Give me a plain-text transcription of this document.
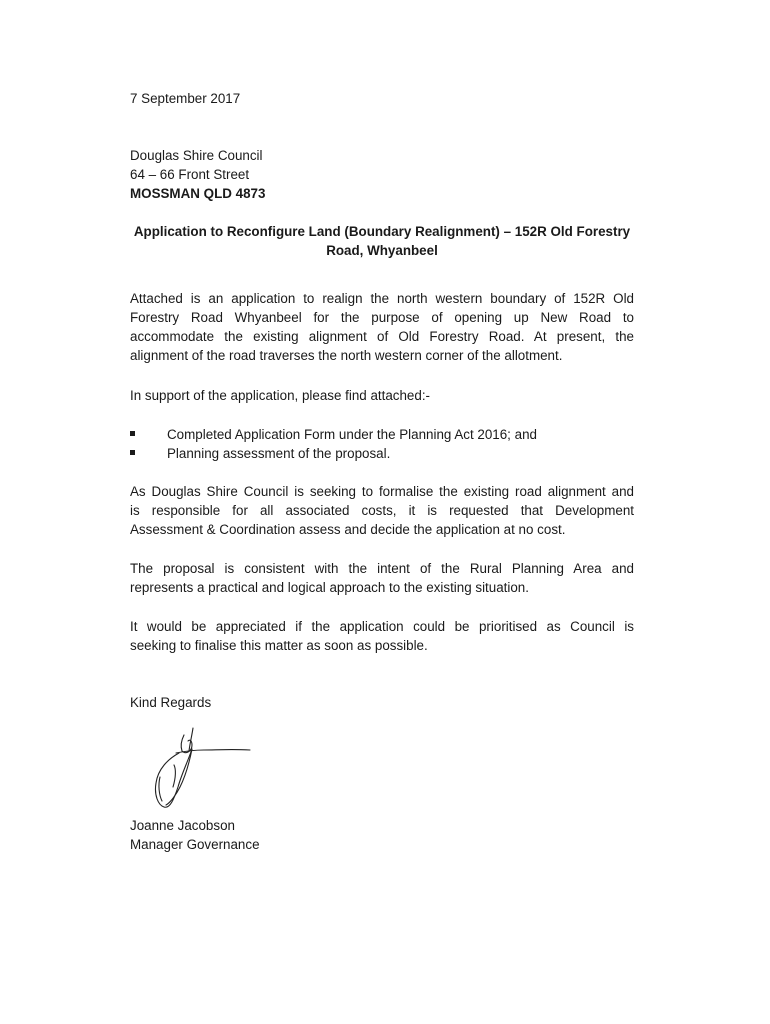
7 September 2017
Douglas Shire Council
64 – 66 Front Street
MOSSMAN QLD 4873
Application to Reconfigure Land (Boundary Realignment) – 152R Old Forestry
Road, Whyanbeel
Attached is an application to realign the north western boundary of 152R Old
Forestry Road Whyanbeel for the purpose of opening up New Road to
accommodate the existing alignment of Old Forestry Road. At present, the
alignment of the road traverses the north western corner of the allotment.
In support of the application, please find attached:-
Completed Application Form under the Planning Act 2016; and
Planning assessment of the proposal.
As Douglas Shire Council is seeking to formalise the existing road alignment and
is responsible for all associated costs, it is requested that Development
Assessment & Coordination assess and decide the application at no cost.
The proposal is consistent with the intent of the Rural Planning Area and
represents a practical and logical approach to the existing situation.
It would be appreciated if the application could be prioritised as Council is
seeking to finalise this matter as soon as possible.
Kind Regards
Joanne Jacobson
Manager Governance
